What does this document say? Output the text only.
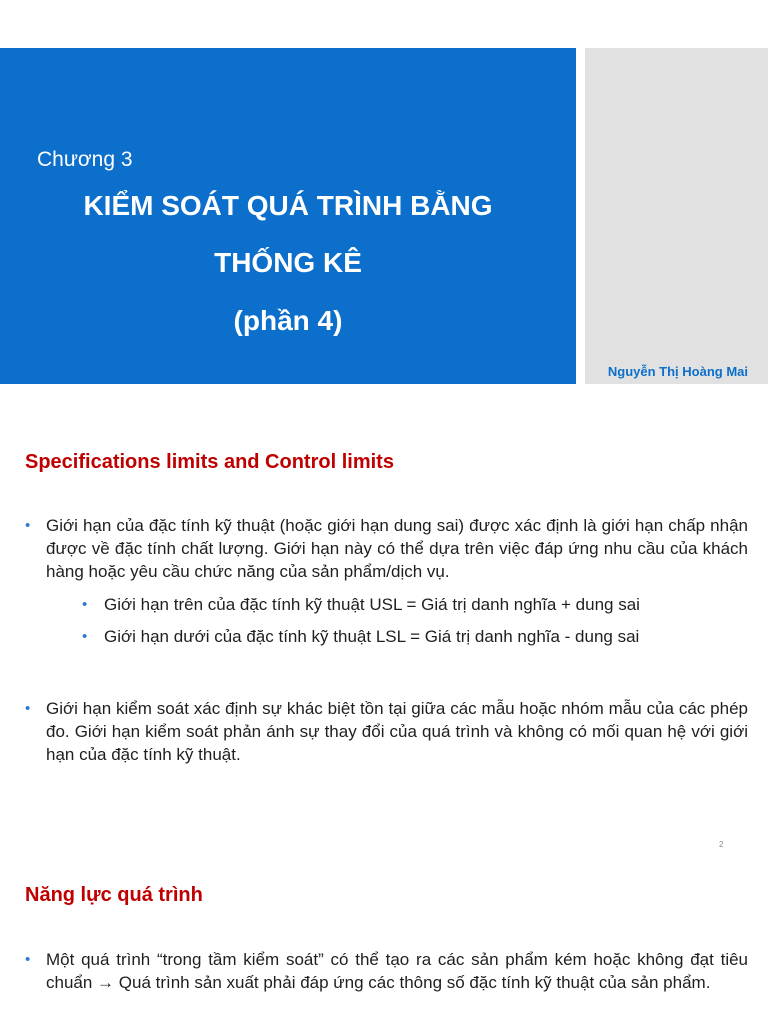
Chương 3

KIỂM SOÁT QUÁ TRÌNH BẰNG

THỐNG KÊ

(phần 4)

Nguyễn Thị Hoàng Mai

Specifications limits and Control limits
• Giới hạn của đặc tính kỹ thuật (hoặc giới hạn dung sai) được xác định là giới hạn chấp nhận được về đặc tính chất lượng. Giới hạn này có thể dựa trên việc đáp ứng nhu cầu của khách hàng hoặc yêu cầu chức năng của sản phẩm/dịch vụ.
• Giới hạn trên của đặc tính kỹ thuật USL = Giá trị danh nghĩa + dung sai
• Giới hạn dưới của đặc tính kỹ thuật LSL = Giá trị danh nghĩa - dung sai
• Giới hạn kiểm soát xác định sự khác biệt tồn tại giữa các mẫu hoặc nhóm mẫu của các phép đo. Giới hạn kiểm soát phản ánh sự thay đổi của quá trình và không có mối quan hệ với giới hạn của đặc tính kỹ thuật.

2

Năng lực quá trình
• Một quá trình “trong tầm kiểm soát” có thể tạo ra các sản phẩm kém hoặc không đạt tiêu chuẩn → Quá trình sản xuất phải đáp ứng các thông số đặc tính kỹ thuật của sản phẩm.
